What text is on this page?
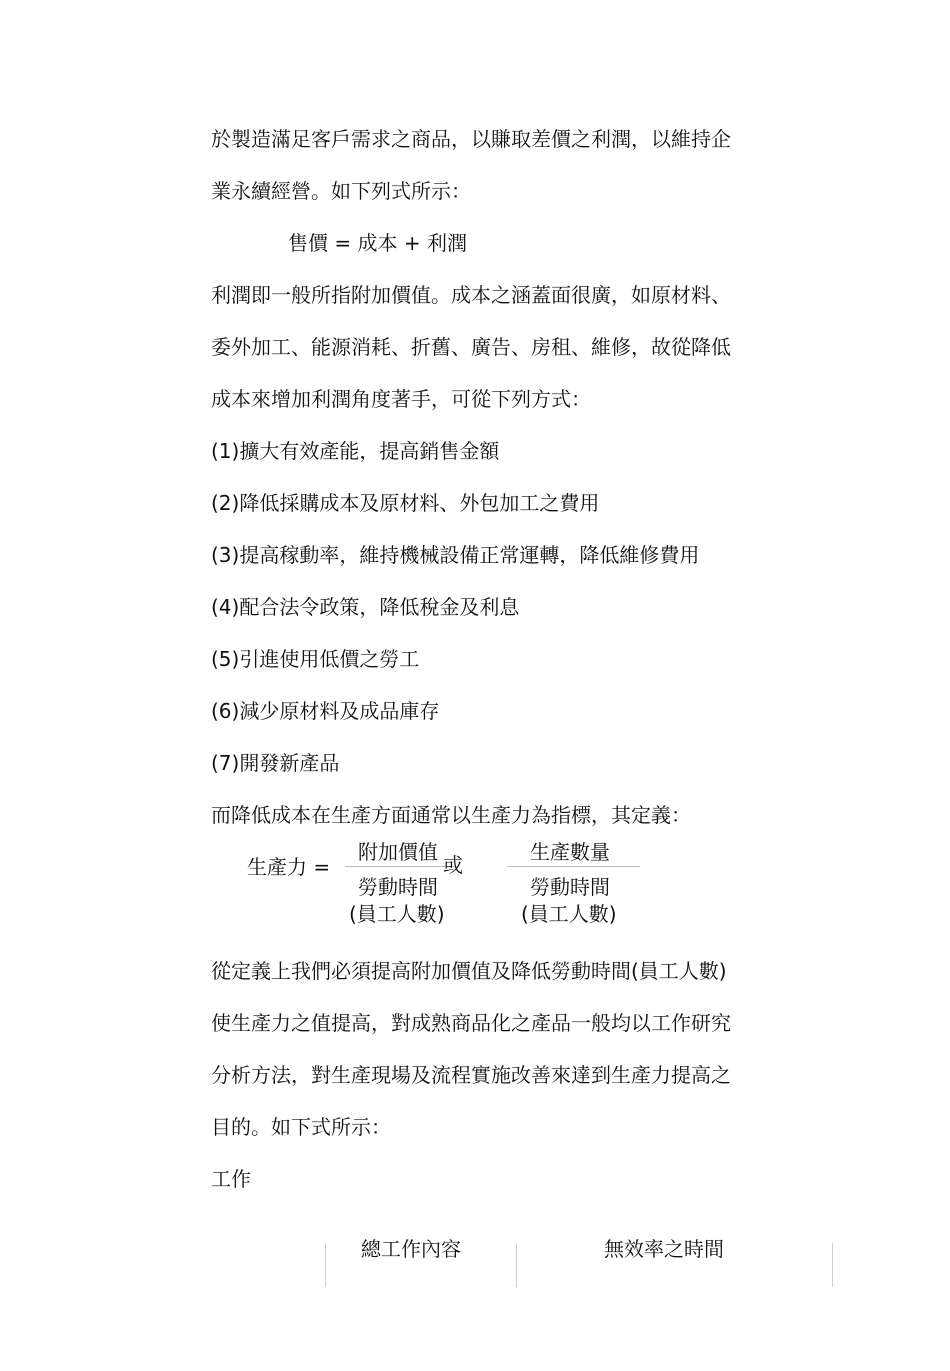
於製造滿足客戶需求之商品，以賺取差價之利潤，以維持企
業永續經營。如下列式所示：
售價 = 成本 + 利潤
利潤即一般所指附加價值。成本之涵蓋面很廣，如原材料、
委外加工、能源消耗、折舊、廣告、房租、維修，故從降低
成本來增加利潤角度著手，可從下列方式：
(1)擴大有效產能，提高銷售金額
(2)降低採購成本及原材料、外包加工之費用
(3)提高稼動率，維持機械設備正常運轉，降低維修費用
(4)配合法令政策，降低稅金及利息
(5)引進使用低價之勞工
(6)減少原材料及成品庫存
(7)開發新產品
而降低成本在生產方面通常以生產力為指標，其定義：
生產力 =
附加價值
或
勞動時間
(員工人數)
生產數量
勞動時間
(員工人數)
從定義上我們必須提高附加價值及降低勞動時間(員工人數)
使生產力之值提高，對成熟商品化之產品一般均以工作研究
分析方法，對生產現場及流程實施改善來達到生產力提高之
目的。如下式所示：
工作
總工作內容	無效率之時間
